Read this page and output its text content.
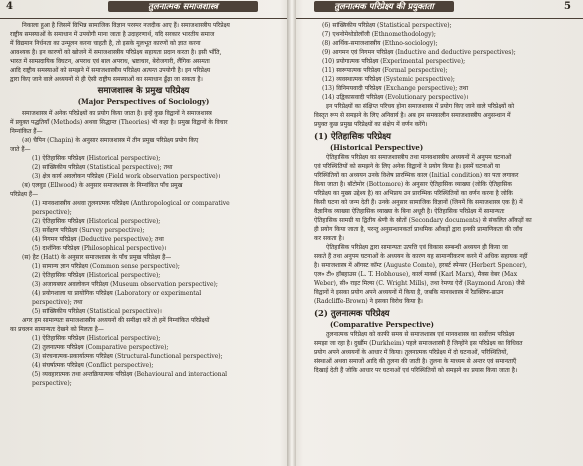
4	तुलनात्मक समाजशास्त्र
निकाला हुआ है जिसमें विभिन्न सामाजिक विज्ञान परस्पर नजदीक आए हैं। समाजशास्त्रीय परिप्रेक्ष्य
राष्ट्रीय समस्याओं के समाधान में उपयोगी माना जाता है उदाहरणार्थ, यदि सरकार भारतीय समाज
में विद्यमान निर्धनता का उन्मूलन करना चाहती है, तो इसके मूलभूत कारणों को ज्ञात करना
आवश्यक है। इन कारणों को खोजने में समाजशास्त्रीय परिप्रेक्ष्य सहायता प्रदान करता है। इसी भाँति,
भारत में साम्प्रदायिक विघटन, अपराध एवं बाल अपराध, भ्रष्टाचार, बेरोजगारी, लैंगिक असमता
आदि राष्ट्रीय समस्याओं को समझने में समाजशास्त्रीय परिप्रेक्ष्य अत्यन्त उपयोगी है। इन परिप्रेक्ष्य
द्वारा किए जाने वाले अध्ययनों से ही ऐसी राष्ट्रीय समस्याओं का समाधान ढूँढ़ा जा सकता है।
समाजशास्त्र के प्रमुख परिप्रेक्ष्य
(Major Perspectives of Sociology)
समाजशास्त्र में अनेक परिप्रेक्ष्यों का प्रयोग किया जाता है। इन्हें कुछ विद्वानों ने समाजशास्त्र
में प्रयुक्त पद्धतियाँ (Methods) अथवा सिद्धान्त (Theories) भी कहा है। प्रमुख विद्वानों के विचार
निम्नांकित हैं—
(अ) चैपिन (Chapin) के अनुसार समाजशास्त्र में तीन प्रमुख परिप्रेक्ष्य प्रयोग किए
जाते हैं—
(1) ऐतिहासिक परिप्रेक्ष्य (Historical perspective);
(2) सांख्यिकीय परिप्रेक्ष्य (Statistical perspective); तथा
(3) क्षेत्र कार्य अवलोकन परिप्रेक्ष्य (Field work observation perspective)।
(ब) एलवुड (Ellwood) के अनुसार समाजशास्त्र के निम्नांकित पाँच प्रमुख
परिप्रेक्ष्य हैं—
(1) मानवशास्त्रीय अथवा तुलनात्मक परिप्रेक्ष्य (Anthropological or comparative
perspective);
(2) ऐतिहासिक परिप्रेक्ष्य (Historical perspective);
(3) सर्वेक्षण परिप्रेक्ष्य (Survey perspective);
(4) निगमन परिप्रेक्ष्य (Deductive perspective); तथा
(5) दार्शनिक परिप्रेक्ष्य (Philosophical perspective)।
(स) हैट (Hatt) के अनुसार समाजशास्त्र के पाँच प्रमुख परिप्रेक्ष्य हैं—
(1) सामान्य ज्ञान परिप्रेक्ष्य (Common sense perspective);
(2) ऐतिहासिक परिप्रेक्ष्य (Historical perspective);
(3) अजायबघर अवलोकन परिप्रेक्ष्य (Museum observation perspective);
(4) प्रयोगशाला या प्रायोगिक परिप्रेक्ष्य (Laboratory or experimental
perspective); तथा
(5) सांख्यिकीय परिप्रेक्ष्य (Statistical perspective)।
अगर हम सामान्यतः समाजशास्त्रीय अध्ययनों की समीक्षा करें तो हमें निम्नांकित परिप्रेक्ष्यों
का प्रचलन सामान्यतः देखने को मिलता है—
(1) ऐतिहासिक परिप्रेक्ष्य (Historical perspective);
(2) तुलनात्मक परिप्रेक्ष्य (Comparative perspective);
(3) संरचनात्मक-प्रकार्यात्मक परिप्रेक्ष्य (Structural-functional perspective);
(4) संघर्षात्मक परिप्रेक्ष्य (Conflict perspective);
(5) व्यवहारात्मक तथा अन्तक्रियात्मक परिप्रेक्ष्य (Behavioural and interactional
perspective);
तुलनात्मक परिप्रेक्ष्य की प्रयुक्तता	5
(6) सांख्यिकीय परिप्रेक्ष्य (Statistical perspective);
(7) एथनोमेथोडोलॉजी (Ethnomethodology);
(8) आर्थिक-समाजशास्त्रीय (Ethno-sociology);
(9) आगमन एवं निगमन परिप्रेक्ष्य (Inductive and deductive perspectives);
(10) प्रयोगात्मक परिप्रेक्ष्य (Experimental perspective);
(11) स्वरूपात्मक परिप्रेक्ष्य (Formal perspective);
(12) व्यवस्थात्मक परिप्रेक्ष्य (Systemic perspective);
(13) विनिमयवादी परिप्रेक्ष्य (Exchange perspective); तथा
(14) उद्विकासवादी परिप्रेक्ष्य (Evolutionary perspective)।
इन परिप्रेक्ष्यों का संक्षिप्त परिचय होना समाजशास्त्र में प्रयोग किए जाने वाले परिप्रेक्ष्यों को
विस्तृत रूप से समझने के लिए अनिवार्य है। अब हम समकालीन समाजशास्त्रीय अनुसन्धान में
प्रयुक्त कुछ प्रमुख परिप्रेक्ष्यों का संक्षेप में वर्णन करेंगे।
(1) ऐतिहासिक परिप्रेक्ष्य
(Historical Perspective)
ऐतिहासिक परिप्रेक्ष्य का समाजशास्त्रीय तथा मानवशास्त्रीय अध्ययनों में अनुपम घटनाओं
एवं परिस्थितियों को समझने के लिए अनेक विद्वानों ने प्रयोग किया है। इसमें घटनाओं या
परिस्थितियों का अध्ययन उनके विशेष प्रारम्भिक काल (Initial condition) का पता लगाकर
किया जाता है। बॉटोमोर (Bottomore) के अनुसार ऐतिहासिक व्याख्या (जोकि ऐतिहासिक
परिप्रेक्ष्य का मुख्य उद्देश्य है) का अभिप्राय उन प्रारम्भिक परिस्थितियों का वर्णन करना है जोकि
किसी घटना को जन्म देती हैं। उनके अनुसार सामाजिक विज्ञानों (जिनमें कि समाजशास्त्र एक है) में
वैज्ञानिक व्याख्या ऐतिहासिक व्याख्या के बिना अधूरी है। ऐतिहासिक परिप्रेक्ष्य में सामान्यतः
ऐतिहासिक सामग्री या द्वितीय श्रेणी के स्रोतों (Secondary documents) से संकलित आँकड़ों का
ही प्रयोग किया जाता है, परन्तु अनुसन्धानकर्ता प्राथमिक आँकड़ों द्वारा इनकी प्रामाणिकता की जाँच
कर सकता है।
ऐतिहासिक परिप्रेक्ष्य द्वारा सामान्यतः उत्पत्ति एवं विकास सम्बन्धी अध्ययन ही किया जा
सकते हैं तथा अनुपम घटनाओं के अध्ययन के कारण यह सामान्यीकरण करने में अधिक सहायक नहीं
है। समाजशास्त्र में ऑगस्ट कॉम्ट (Auguste Comte), हरबर्ट स्पेन्सर (Herbert Spencer),
एल० टी० हॉबहाउस (L. T. Hobhouse), कार्ल मार्क्स (Karl Marx), मैक्स वेबर (Max
Weber), सी० राइट मिल्स (C. Wright Mills), तथा रेमण्ड ऐरों (Raymond Aron) जैसे
विद्वानों ने इसका प्रयोग अपने अध्ययनों में किया है, जबकि मानवशास्त्र में रैडक्लिफ-ब्राउन
(Radcliffe-Brown) ने इसका विरोध किया है।
(2) तुलनात्मक परिप्रेक्ष्य
(Comparative Perspective)
तुलनात्मक परिप्रेक्ष्य को काफी समय से समाजशास्त्र एवं मानवशास्त्र का सर्वोत्तम परिप्रेक्ष्य
समझा जा रहा है। दुर्खीम (Durkheim) पहले समाजशास्त्री हैं जिन्होंने इस परिप्रेक्ष्य का विधिवत
प्रयोग अपने अध्ययनों के आधार में किया। तुलनात्मक परिप्रेक्ष्य में दो घटनाओं, परिस्थितियों,
संस्थाओं अथवा समाजों आदि की तुलना की जाती है। तुलना के माध्यम से अन्तर एवं समानताएँ
दिखाई देती हैं जोकि आधार पर घटनाओं एवं परिस्थितियों को समझने का प्रयास किया जाता है।
